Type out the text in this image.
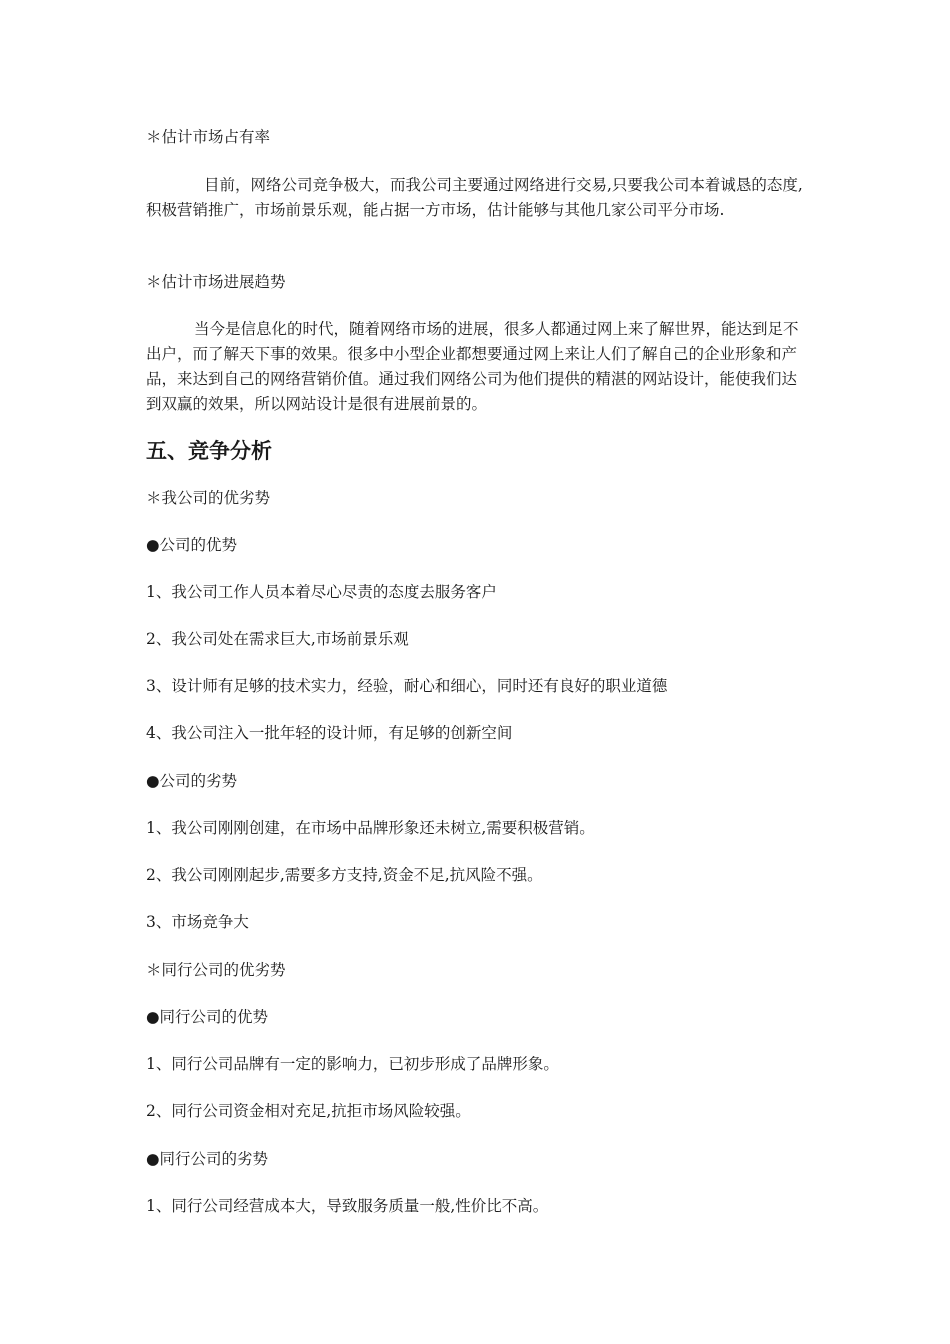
＊估计市场占有率
目前，网络公司竞争极大，而我公司主要通过网络进行交易,只要我公司本着诚恳的态度,积极营销推广，市场前景乐观，能占据一方市场，估计能够与其他几家公司平分市场.
＊估计市场进展趋势
当今是信息化的时代，随着网络市场的进展，很多人都通过网上来了解世界，能达到足不出户，而了解天下事的效果。很多中小型企业都想要通过网上来让人们了解自己的企业形象和产品，来达到自己的网络营销价值。通过我们网络公司为他们提供的精湛的网站设计，能使我们达到双赢的效果，所以网站设计是很有进展前景的。
五、竞争分析
＊我公司的优劣势
●公司的优势
1、我公司工作人员本着尽心尽责的态度去服务客户
2、我公司处在需求巨大,市场前景乐观
3、设计师有足够的技术实力，经验，耐心和细心，同时还有良好的职业道德
4、我公司注入一批年轻的设计师，有足够的创新空间
●公司的劣势
1、我公司刚刚创建，在市场中品牌形象还未树立,需要积极营销。
2、我公司刚刚起步,需要多方支持,资金不足,抗风险不强。
3、市场竞争大
＊同行公司的优劣势
●同行公司的优势
1、同行公司品牌有一定的影响力，已初步形成了品牌形象。
2、同行公司资金相对充足,抗拒市场风险较强。
●同行公司的劣势
1、同行公司经营成本大，导致服务质量一般,性价比不高。
